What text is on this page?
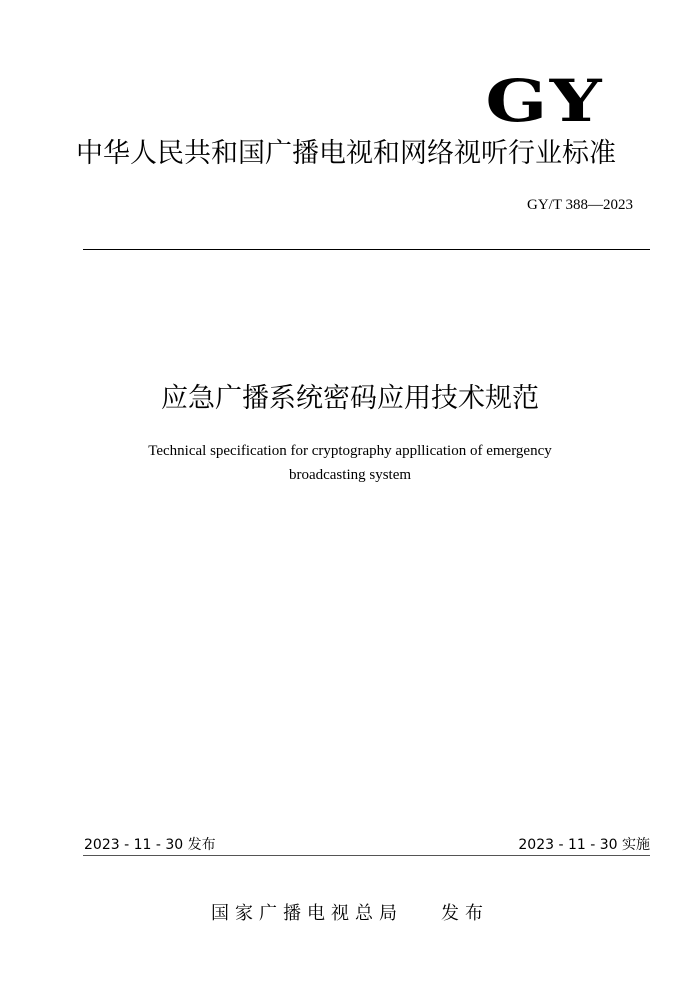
GY
中华人民共和国广播电视和网络视听行业标准
GY/T 388—2023
应急广播系统密码应用技术规范
Technical specification for cryptography appllication of emergency
broadcasting system
2023 - 11 - 30 发布	2023 - 11 - 30 实施
国家广播电视总局 发布
